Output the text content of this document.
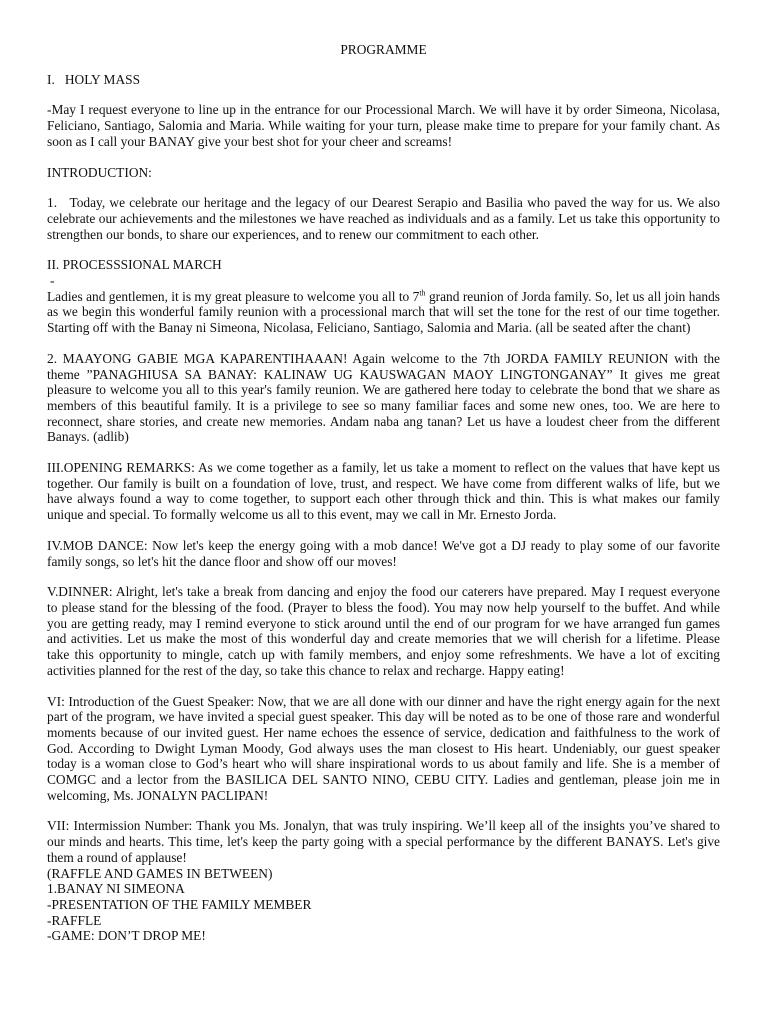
PROGRAMME
I.   HOLY MASS
-May I request everyone to line up in the entrance for our Processional March. We will have it by order Simeona, Nicolasa, Feliciano, Santiago, Salomia and Maria. While waiting for your turn, please make time to prepare for your family chant. As soon as I call your BANAY give your best shot for your cheer and screams!
INTRODUCTION:
1.   Today, we celebrate our heritage and the legacy of our Dearest Serapio and Basilia who paved the way for us. We also celebrate our achievements and the milestones we have reached as individuals and as a family. Let us take this opportunity to strengthen our bonds, to share our experiences, and to renew our commitment to each other.
II. PROCESSSIONAL MARCH
-
Ladies and gentlemen, it is my great pleasure to welcome you all to 7th grand reunion of Jorda family. So, let us all join hands as we begin this wonderful family reunion with a processional march that will set the tone for the rest of our time together. Starting off with the Banay ni Simeona, Nicolasa, Feliciano, Santiago, Salomia and Maria. (all be seated after the chant)
2. MAAYONG GABIE MGA KAPARENTIHAAAN! Again welcome to the 7th JORDA FAMILY REUNION with the theme ”PANAGHIUSA SA BANAY: KALINAW UG KAUSWAGAN MAOY LINGTONGANAY” It gives me great pleasure to welcome you all to this year's family reunion. We are gathered here today to celebrate the bond that we share as members of this beautiful family. It is a privilege to see so many familiar faces and some new ones, too. We are here to reconnect, share stories, and create new memories. Andam naba ang tanan? Let us have a loudest cheer from the different Banays. (adlib)
III.OPENING REMARKS: As we come together as a family, let us take a moment to reflect on the values that have kept us together. Our family is built on a foundation of love, trust, and respect. We have come from different walks of life, but we have always found a way to come together, to support each other through thick and thin. This is what makes our family unique and special. To formally welcome us all to this event, may we call in Mr. Ernesto Jorda.
IV.MOB DANCE: Now let's keep the energy going with a mob dance! We've got a DJ ready to play some of our favorite family songs, so let's hit the dance floor and show off our moves!
V.DINNER: Alright, let's take a break from dancing and enjoy the food our caterers have prepared. May I request everyone to please stand for the blessing of the food. (Prayer to bless the food). You may now help yourself to the buffet. And while you are getting ready, may I remind everyone to stick around until the end of our program for we have arranged fun games and activities. Let us make the most of this wonderful day and create memories that we will cherish for a lifetime. Please take this opportunity to mingle, catch up with family members, and enjoy some refreshments. We have a lot of exciting activities planned for the rest of the day, so take this chance to relax and recharge. Happy eating!
VI: Introduction of the Guest Speaker: Now, that we are all done with our dinner and have the right energy again for the next part of the program, we have invited a special guest speaker. This day will be noted as to be one of those rare and wonderful moments because of our invited guest. Her name echoes the essence of service, dedication and faithfulness to the work of God. According to Dwight Lyman Moody, God always uses the man closest to His heart. Undeniably, our guest speaker today is a woman close to God’s heart who will share inspirational words to us about family and life. She is a member of COMGC and a lector from the BASILICA DEL SANTO NINO, CEBU CITY. Ladies and gentleman, please join me in welcoming, Ms. JONALYN PACLIPAN!
VII: Intermission Number: Thank you Ms. Jonalyn, that was truly inspiring. We’ll keep all of the insights you’ve shared to our minds and hearts. This time, let's keep the party going with a special performance by the different BANAYS. Let's give them a round of applause!
(RAFFLE AND GAMES IN BETWEEN)
1.BANAY NI SIMEONA
-PRESENTATION OF THE FAMILY MEMBER
-RAFFLE
-GAME: DON’T DROP ME!
